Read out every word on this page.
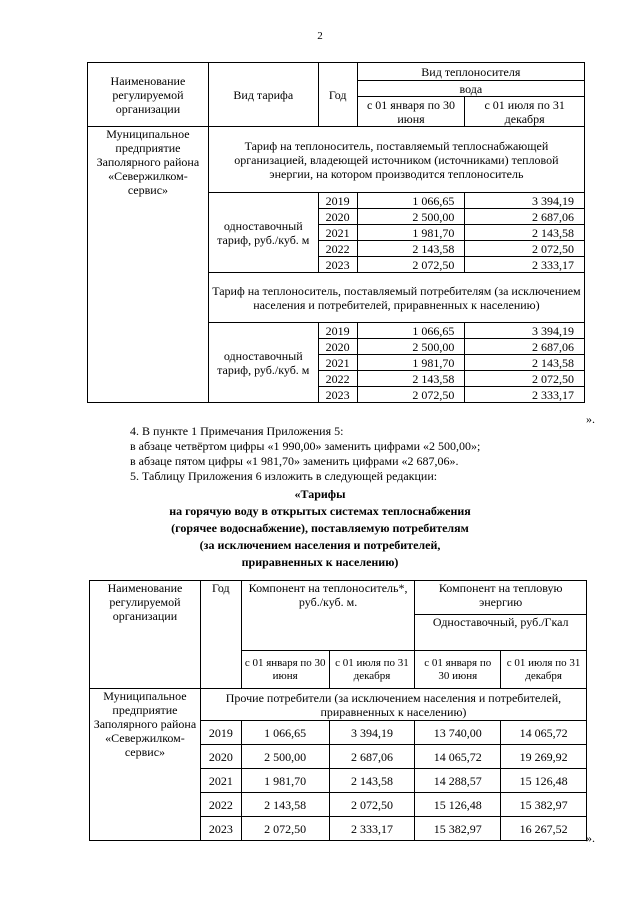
2
Наименование регулируемой организации	Вид тарифа	Год	Вид теплоносителя	
			вода	
			с 01 января по 30 июня	с 01 июля по 31 декабря
Муниципальное предприятие Заполярного района «Севержилком-сервис»	Тариф на теплоноситель, поставляемый теплоснабжающей организацией, владеющей источником (источниками) тепловой энергии, на котором производится теплоноситель			
	одноставочный тариф, руб./куб. м	2019	1 066,65	3 394,19
		2020	2 500,00	2 687,06
		2021	1 981,70	2 143,58
		2022	2 143,58	2 072,50
		2023	2 072,50	2 333,17
	Тариф на теплоноситель, поставляемый потребителям (за исключением населения и потребителей, приравненных к населению)			
	одноставочный тариф, руб./куб. м	2019	1 066,65	3 394,19
		2020	2 500,00	2 687,06
		2021	1 981,70	2 143,58
		2022	2 143,58	2 072,50
		2023	2 072,50	2 333,17
».

4. В пункте 1 Примечания Приложения 5:

в абзаце четвёртом цифры «1 990,00» заменить цифрами «2 500,00»;

в абзаце пятом цифры «1 981,70» заменить цифрами «2 687,06».

5. Таблицу Приложения 6 изложить в следующей редакции:

«Тарифы
на горячую воду в открытых системах теплоснабжения
(горячее водоснабжение), поставляемую потребителям
(за исключением населения и потребителей,
приравненных к населению)
Наименование регулируемой организации	Год	Компонент на теплоноситель*, руб./куб. м.		Компонент на тепловую энергию	
				Одноставочный, руб./Гкал	
		с 01 января по 30 июня	с 01 июля по 31 декабря	с 01 января по 30 июня	с 01 июля по 31 декабря
Муниципальное предприятие Заполярного района «Севержилком-сервис»	Прочие потребители (за исключением населения и потребителей, приравненных к населению)				
	2019	1 066,65	3 394,19	13 740,00	14 065,72
	2020	2 500,00	2 687,06	14 065,72	19 269,92
	2021	1 981,70	2 143,58	14 288,57	15 126,48
	2022	2 143,58	2 072,50	15 126,48	15 382,97
	2023	2 072,50	2 333,17	15 382,97	16 267,52
».
